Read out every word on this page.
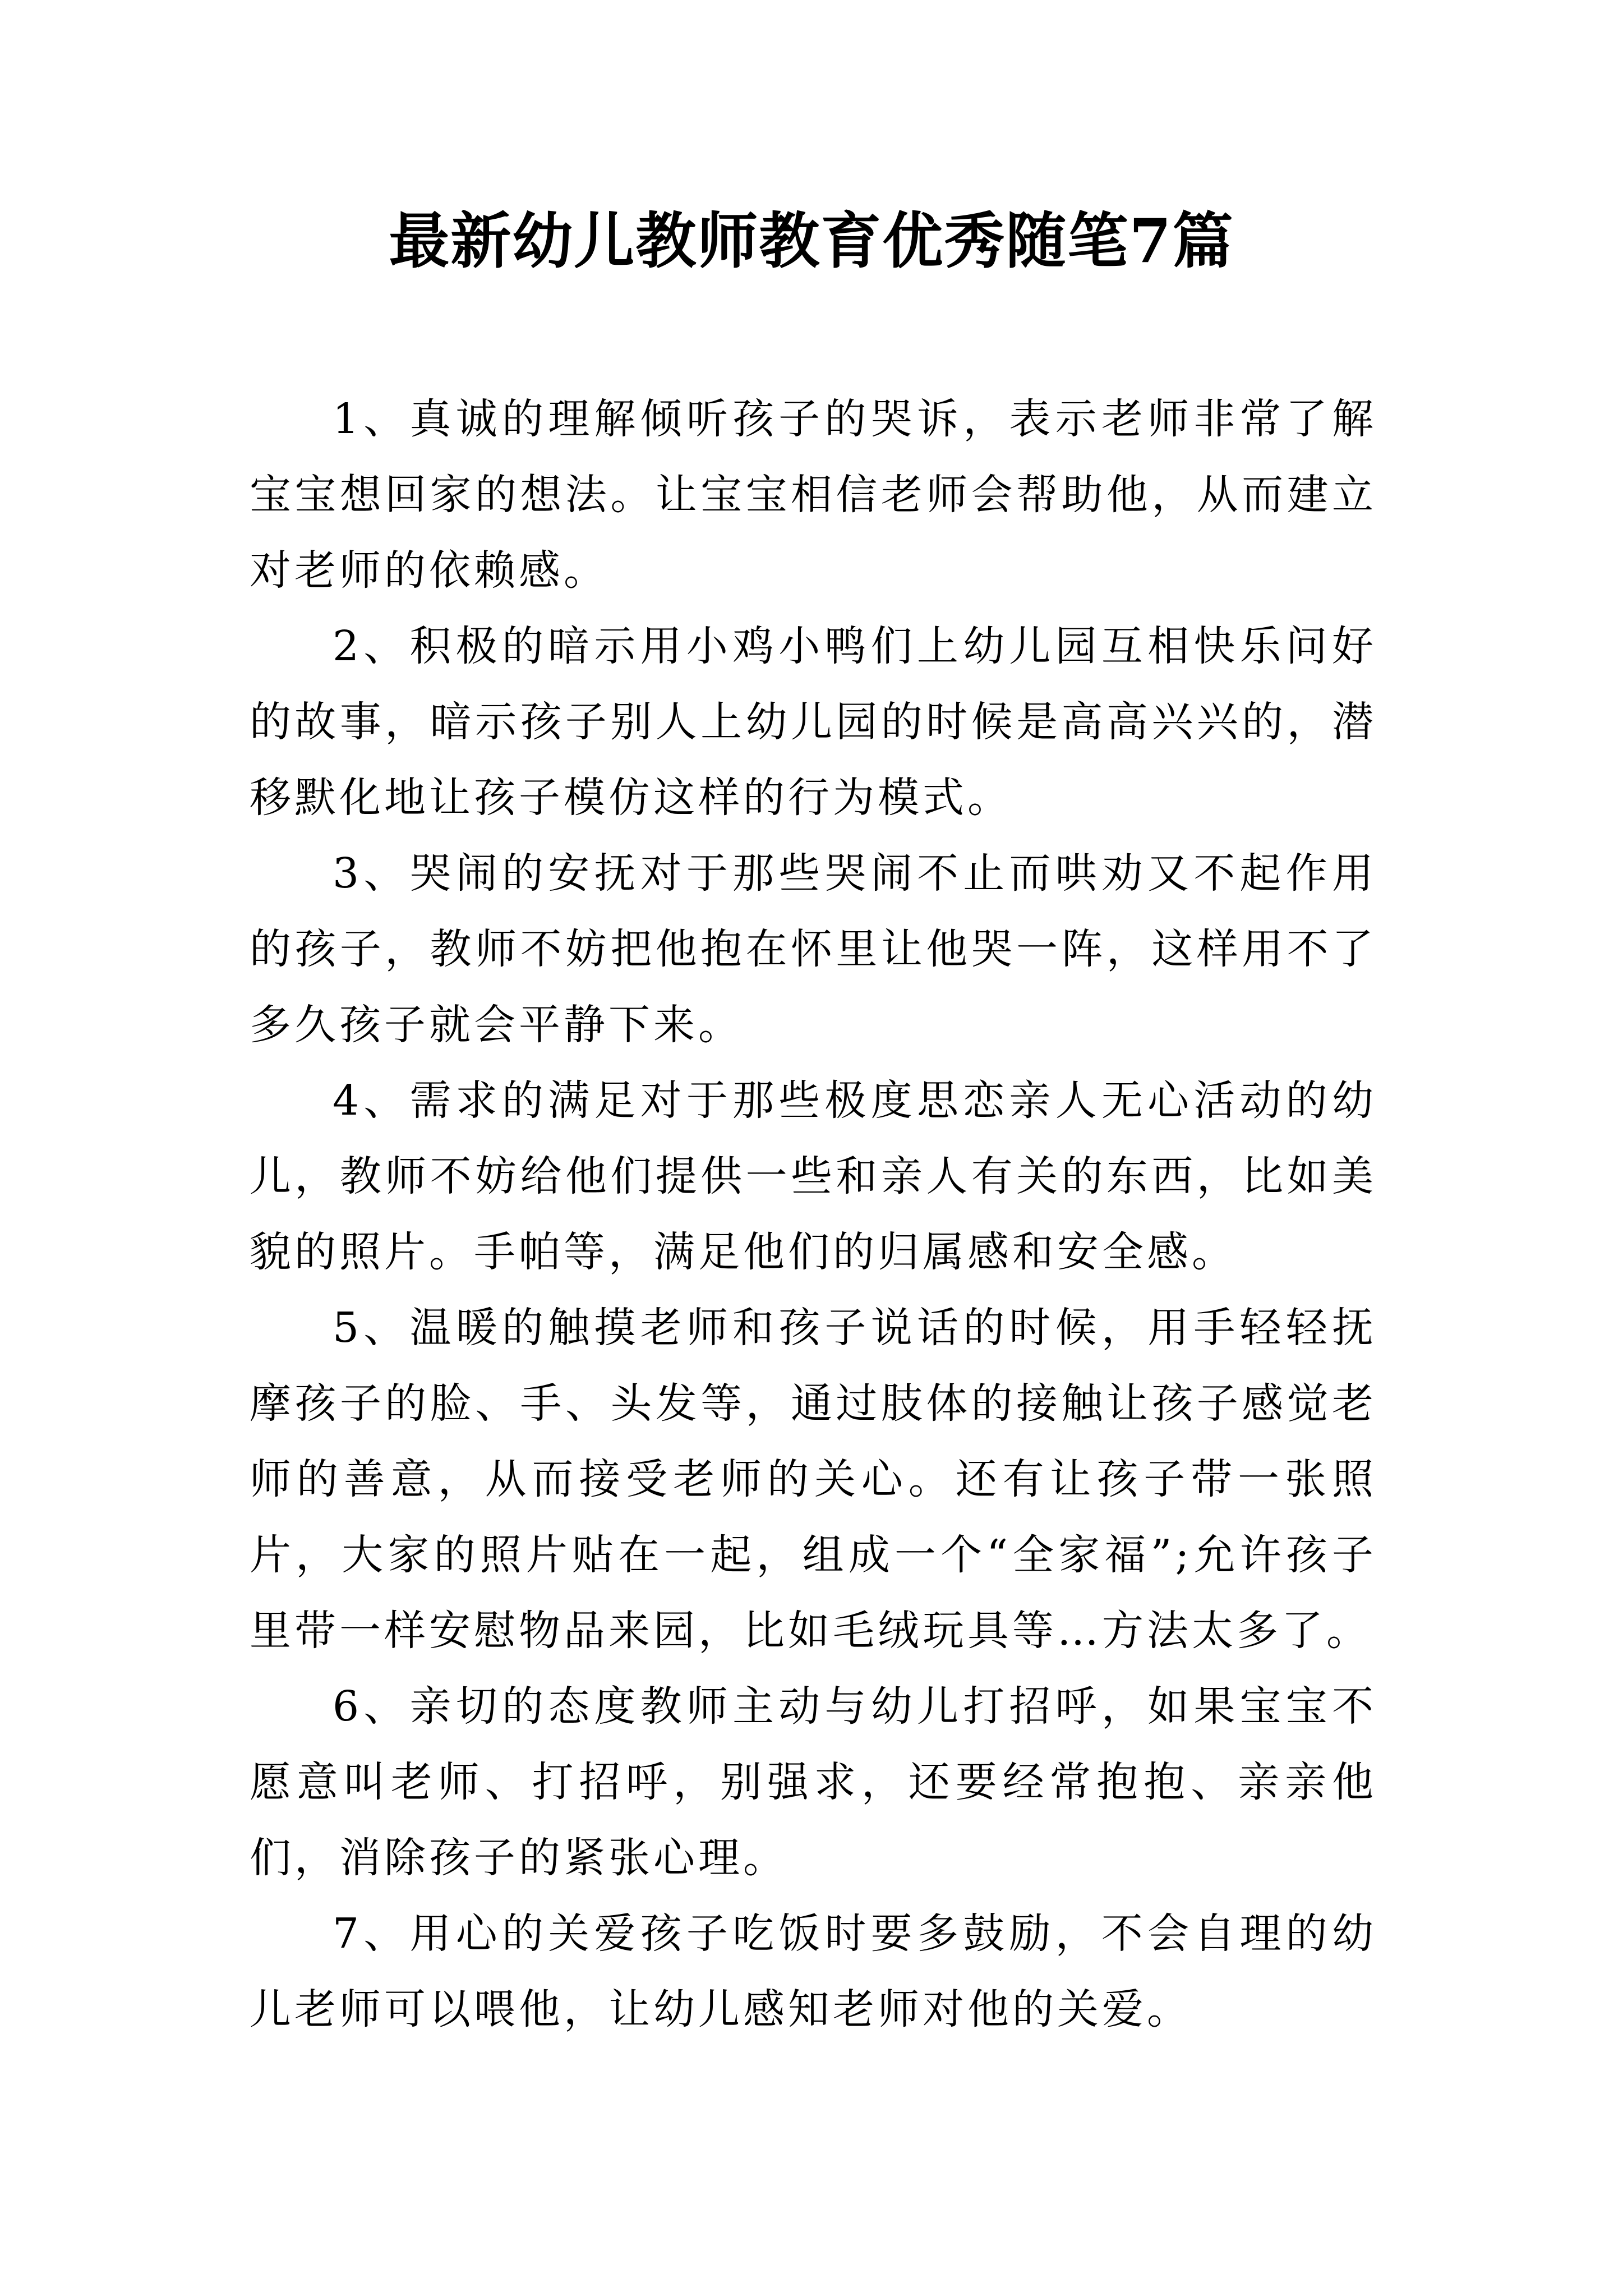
最新幼儿教师教育优秀随笔7篇

1、真诚的理解倾听孩子的哭诉，表示老师非常了解宝宝想回家的想法。让宝宝相信老师会帮助他，从而建立对老师的依赖感。

2、积极的暗示用小鸡小鸭们上幼儿园互相快乐问好的故事，暗示孩子别人上幼儿园的时候是高高兴兴的，潜移默化地让孩子模仿这样的行为模式。

3、哭闹的安抚对于那些哭闹不止而哄劝又不起作用的孩子，教师不妨把他抱在怀里让他哭一阵，这样用不了多久孩子就会平静下来。

4、需求的满足对于那些极度思恋亲人无心活动的幼儿，教师不妨给他们提供一些和亲人有关的东西，比如美貌的照片。手帕等，满足他们的归属感和安全感。

5、温暖的触摸老师和孩子说话的时候，用手轻轻抚摩孩子的脸、手、头发等，通过肢体的接触让孩子感觉老师的善意，从而接受老师的关心。还有让孩子带一张照片，大家的照片贴在一起，组成一个“全家福”;允许孩子里带一样安慰物品来园，比如毛绒玩具等…方法太多了。

6、亲切的态度教师主动与幼儿打招呼，如果宝宝不愿意叫老师、打招呼，别强求，还要经常抱抱、亲亲他们，消除孩子的紧张心理。

7、用心的关爱孩子吃饭时要多鼓励，不会自理的幼儿老师可以喂他，让幼儿感知老师对他的关爱。
